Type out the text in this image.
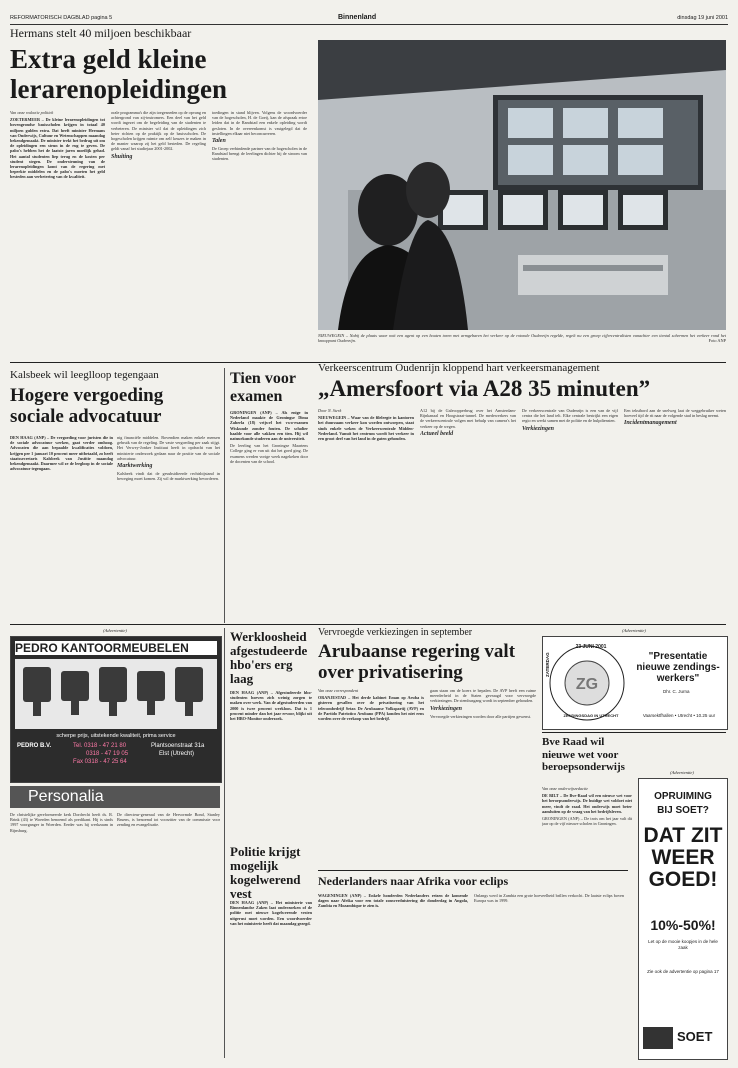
REFORMATORISCH DAGBLAD pagina 5	Binnenland	dinsdag 19 juni 2001
Hermans stelt 40 miljoen beschikbaar
Extra geld kleine lerarenopleidingen
Van onze redactie politiek

ZOETERMEER – De kleine lerarenopleidingen tot bovengrondse basisscholen krijgen in totaal 40 miljoen gulden extra. Dat heeft minister Hermans van Onderwijs, Cultuur en Wetenschappen maandag bekendgemaakt. De minister trekt het bedrag uit om de opleidingen een steun in de rug te geven. De pabo's hebben het de laatste jaren moeilijk gehad. Het aantal studenten liep terug en de kosten per student stegen. De ondersteuning van de lerarenopleidingen komt van de regering met beperkte middelen en de pabo's moeten het geld besteden aan verbetering van de kwaliteit.

orale programma's die zijn toegesneden op de opvang en achtergrond van zij-instromers. Een deel van het geld wordt ingezet om de begeleiding van de studenten te verbeteren. De minister wil dat de opleidingen zich beter richten op de praktijk op de basisscholen. De hogescholen krijgen ruimte om zelf keuzes te maken in de manier waarop zij het geld besteden. De regeling geldt vanaf het studiejaar 2001-2002.

Shuiting

toedingen in stand blijven. Volgens de woordvoerder van de hogescholen, H. de Goeij, kan de afspraak ertoe leiden dat in de Randstad een enkele opleiding wordt gesloten. In de overeenkomst is vastgelegd dat de instellingen elkaar niet beconcurreren.

Talen

De Groep verbindende partner van de hogescholen in de Randstad brengt de leerlingen dichter bij de stroom van studenten.

NIEUWEGEIN – Nabij de plaats waar ooit een agent op een houten toren met armgebaren het verkeer op de rotonde Oudenrijn regelde, regelt nu een groep cijfercentralisten vanachter een tiental schermen het verkeer rond het knooppunt Oudenrijn.	Foto ANP
Kalsbeek wil leeglloop tegengaan
Hogere vergoeding sociale advocatuur

DEN HAAG (ANP) – De vergoeding voor juristen die in de sociale advocatuur werken, gaat verder omhoog. Advocaten die aan bepaalde kwalificaties voldoen, krijgen per 1 januari 10 procent meer uitbetaald, zo heeft staatssecretaris Kalsbeek van Justitie maandag bekendgemaakt. Daarmee wil ze de leegloop in de sociale advocatuur tegengaan.

nig financiële middelen. Bovendien maken enkele mensen gebruik van de regeling. De vaste vergoeding per zaak stijgt. Het Verwey-Jonker Instituut heeft in opdracht van het ministerie onderzoek gedaan naar de positie van de sociale advocatuur.

Marktwerking

Kalsbeek vindt dat de gesubsidieerde rechtsbijstand in beweging moet komen. Zij wil de marktwerking bevorderen.

Tien voor examen

GRONINGEN (ANP) – Als enige in Nederland maakte de Groningse Dima Zaherla (18) vrijwel het vwo-examen Wiskunde zonder fouten. De scholier haalde voor alle vakken een tien. Hij wil natuurkunde studeren aan de universiteit.

De leerling van het Groningse Maartens College ging er van uit dat het goed ging. De examens werden vorige week nagekeken door de docenten van de school.

Verkeerscentrum Oudenrijn kloppend hart verkeersmanagement
„Amersfoort via A28 35 minuten”
Door N. Sterk

NIEUWEGEIN – Waar van de fileleegte in kantoren het duurzaam verkeer kon worden ontworpen, staat sinds enkele weken de Verkeerscentrale Midden-Nederland. Vanuit het centrum wordt het verkeer in een groot deel van het land in de gaten gehouden.

A12 bij de Galecopperbrug over het Amsterdam-Rijnkanaal en Hoogstraat-tunnel. De medewerkers van de verkeerscentrale volgen met behulp van camera's het verkeer op de wegen.

Actueel beeld

De verkeerscentrale van Oudenrijn is een van de vijf centra die het land telt. Elke centrale bestrijkt een eigen regio en werkt samen met de politie en de hulpdiensten.

Verkiezingen

Een tekstbord aan de snelweg laat de weggebruiker weten hoeveel tijd de rit naar de volgende stad in beslag neemt.

Incidentmanagement
(Advertentie)
PEDRO KANTOORMEUBELEN
scherpe prijs, uitstekende kwaliteit, prima service
PEDRO B.V.	Tel. 0318 - 47 21 80
0318 - 47 19 05
Fax 0318 - 47 25 64
Plantsoenstraat 31a
Elst (Utrecht)
Personalia

De christelijke gereformeerde kerk Dordrecht heeft ds. R. Brink (43) te Woerden benoemd als predikant. Hij is sinds 1997 voorganger in Woerden. Eerder was hij werkzaam in Rijnsburg.

De directeur-generaal van de Hervormde Bond, Stanley Bruens, is benoemd tot voorzitter van de commissie voor zending en evangelisatie.

Werkloosheid afgestudeerde hbo'ers erg laag

DEN HAAG (ANP) – Afgestudeerde hbo-studenten hoeven zich weinig zorgen te maken over werk. Van de afgestudeerden van 2000 is twee procent werkloos. Dat is 1 procent minder dan het jaar ervoor, blijkt uit het HBO-Monitor onderzoek.

Politie krijgt mogelijk kogelwerend vest

DEN HAAG (ANP) – Het ministerie van Binnenlandse Zaken laat onderzoeken of de politie met nieuwe kogelwerende vesten uitgerust moet worden. Een woordvoerder van het ministerie heeft dat maandag gezegd.

Vervroegde verkiezingen in september
Arubaanse regering valt over privatisering
Van onze correspondent

ORANJESTAD – Het derde kabinet Eman op Aruba is gisteren gevallen over de privatisering van het telecombedrijf Setar. De Arubaanse Volkspartij (AVP) en de Partido Patriotico Arubano (PPA) konden het niet eens worden over de verkoop van het bedrijf.

gaan staan om de koers te bepalen. De AVP heeft een ruime meerderheid in de Staten gevraagd voor vervroegde verkiezingen. De stembusgang wordt in september gehouden.

Verkiezingen

Vervroegde verkiezingen worden door alle partijen gewenst.

Nederlanders naar Afrika voor eclips

WAGENINGEN (ANP) – Enkele honderden Nederlanders reizen de komende dagen naar Afrika voor een totale zonsverduistering die donderdag in Angola, Zambia en Mozambique te zien is.

Onlangs werd in Zambia een grote hoeveelheid brillen verkocht. De laatste eclips boven Europa was in 1999.

(Advertentie)
ZG
23 JUNI 2001
ZATERDAG
ZENDINGSDAG IN UTRECHT
"Presentatie nieuwe zendings-werkers"
Dhr. C. Jurna
Vaarsektfhallen • Utrecht • 10.25 uur
Bve Raad wil nieuwe wet voor beroepsonderwijs
Van onze onderwijsredactie

DE BILT – De Bve-Raad wil een nieuwe wet voor het beroepsonderwijs. De huidige wet voldoet niet meer, vindt de raad. Het onderwijs moet beter aansluiten op de vraag van het bedrijfsleven.

GRONINGEN (ANP) – De trots om het jaar valt dit jaar op de vijf nieuwe scholen in Groningen.

(Advertentie)
OPRUIMING
BIJ SOET?
DAT ZIT WEER GOED!
10%-50%!
Let op de mooie koopjes in de hele zaak
Zie ook de advertentie op pagina 17
SOET
